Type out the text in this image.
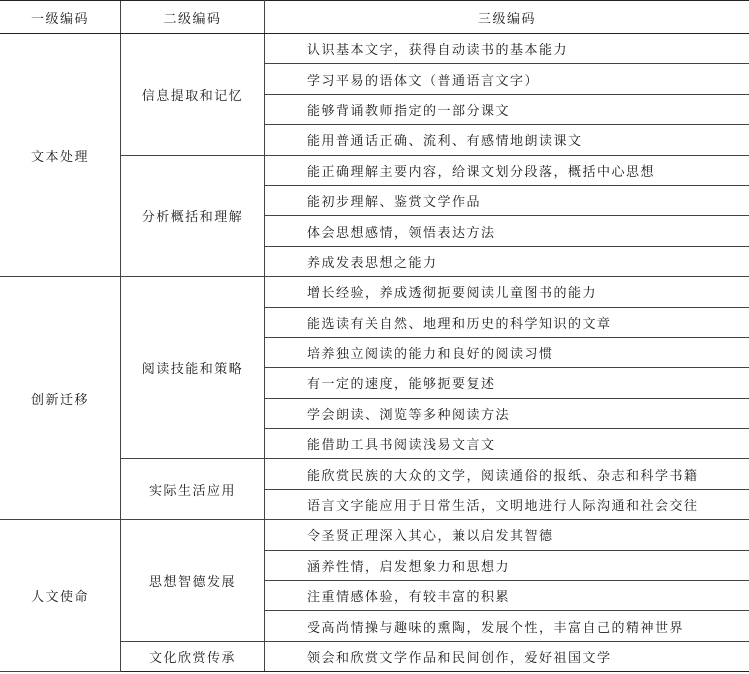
一级编码	二级编码	三级编码
文本处理	信息提取和记忆	认识基本文字，获得自动读书的基本能力
		学习平易的语体文（普通语言文字）
		能够背诵教师指定的一部分课文
		能用普通话正确、流利、有感情地朗读课文
	分析概括和理解	能正确理解主要内容，给课文划分段落，概括中心思想
		能初步理解、鉴赏文学作品
		体会思想感情，领悟表达方法
		养成发表思想之能力
创新迁移	阅读技能和策略	增长经验，养成透彻扼要阅读儿童图书的能力
		能选读有关自然、地理和历史的科学知识的文章
		培养独立阅读的能力和良好的阅读习惯
		有一定的速度，能够扼要复述
		学会朗读、浏览等多种阅读方法
		能借助工具书阅读浅易文言文
	实际生活应用	能欣赏民族的大众的文学，阅读通俗的报纸、杂志和科学书籍
		语言文字能应用于日常生活，文明地进行人际沟通和社会交往
人文使命	思想智德发展	令圣贤正理深入其心，兼以启发其智德
		涵养性情，启发想象力和思想力
		注重情感体验，有较丰富的积累
		受高尚情操与趣味的熏陶，发展个性，丰富自己的精神世界
	文化欣赏传承	领会和欣赏文学作品和民间创作，爱好祖国文学
